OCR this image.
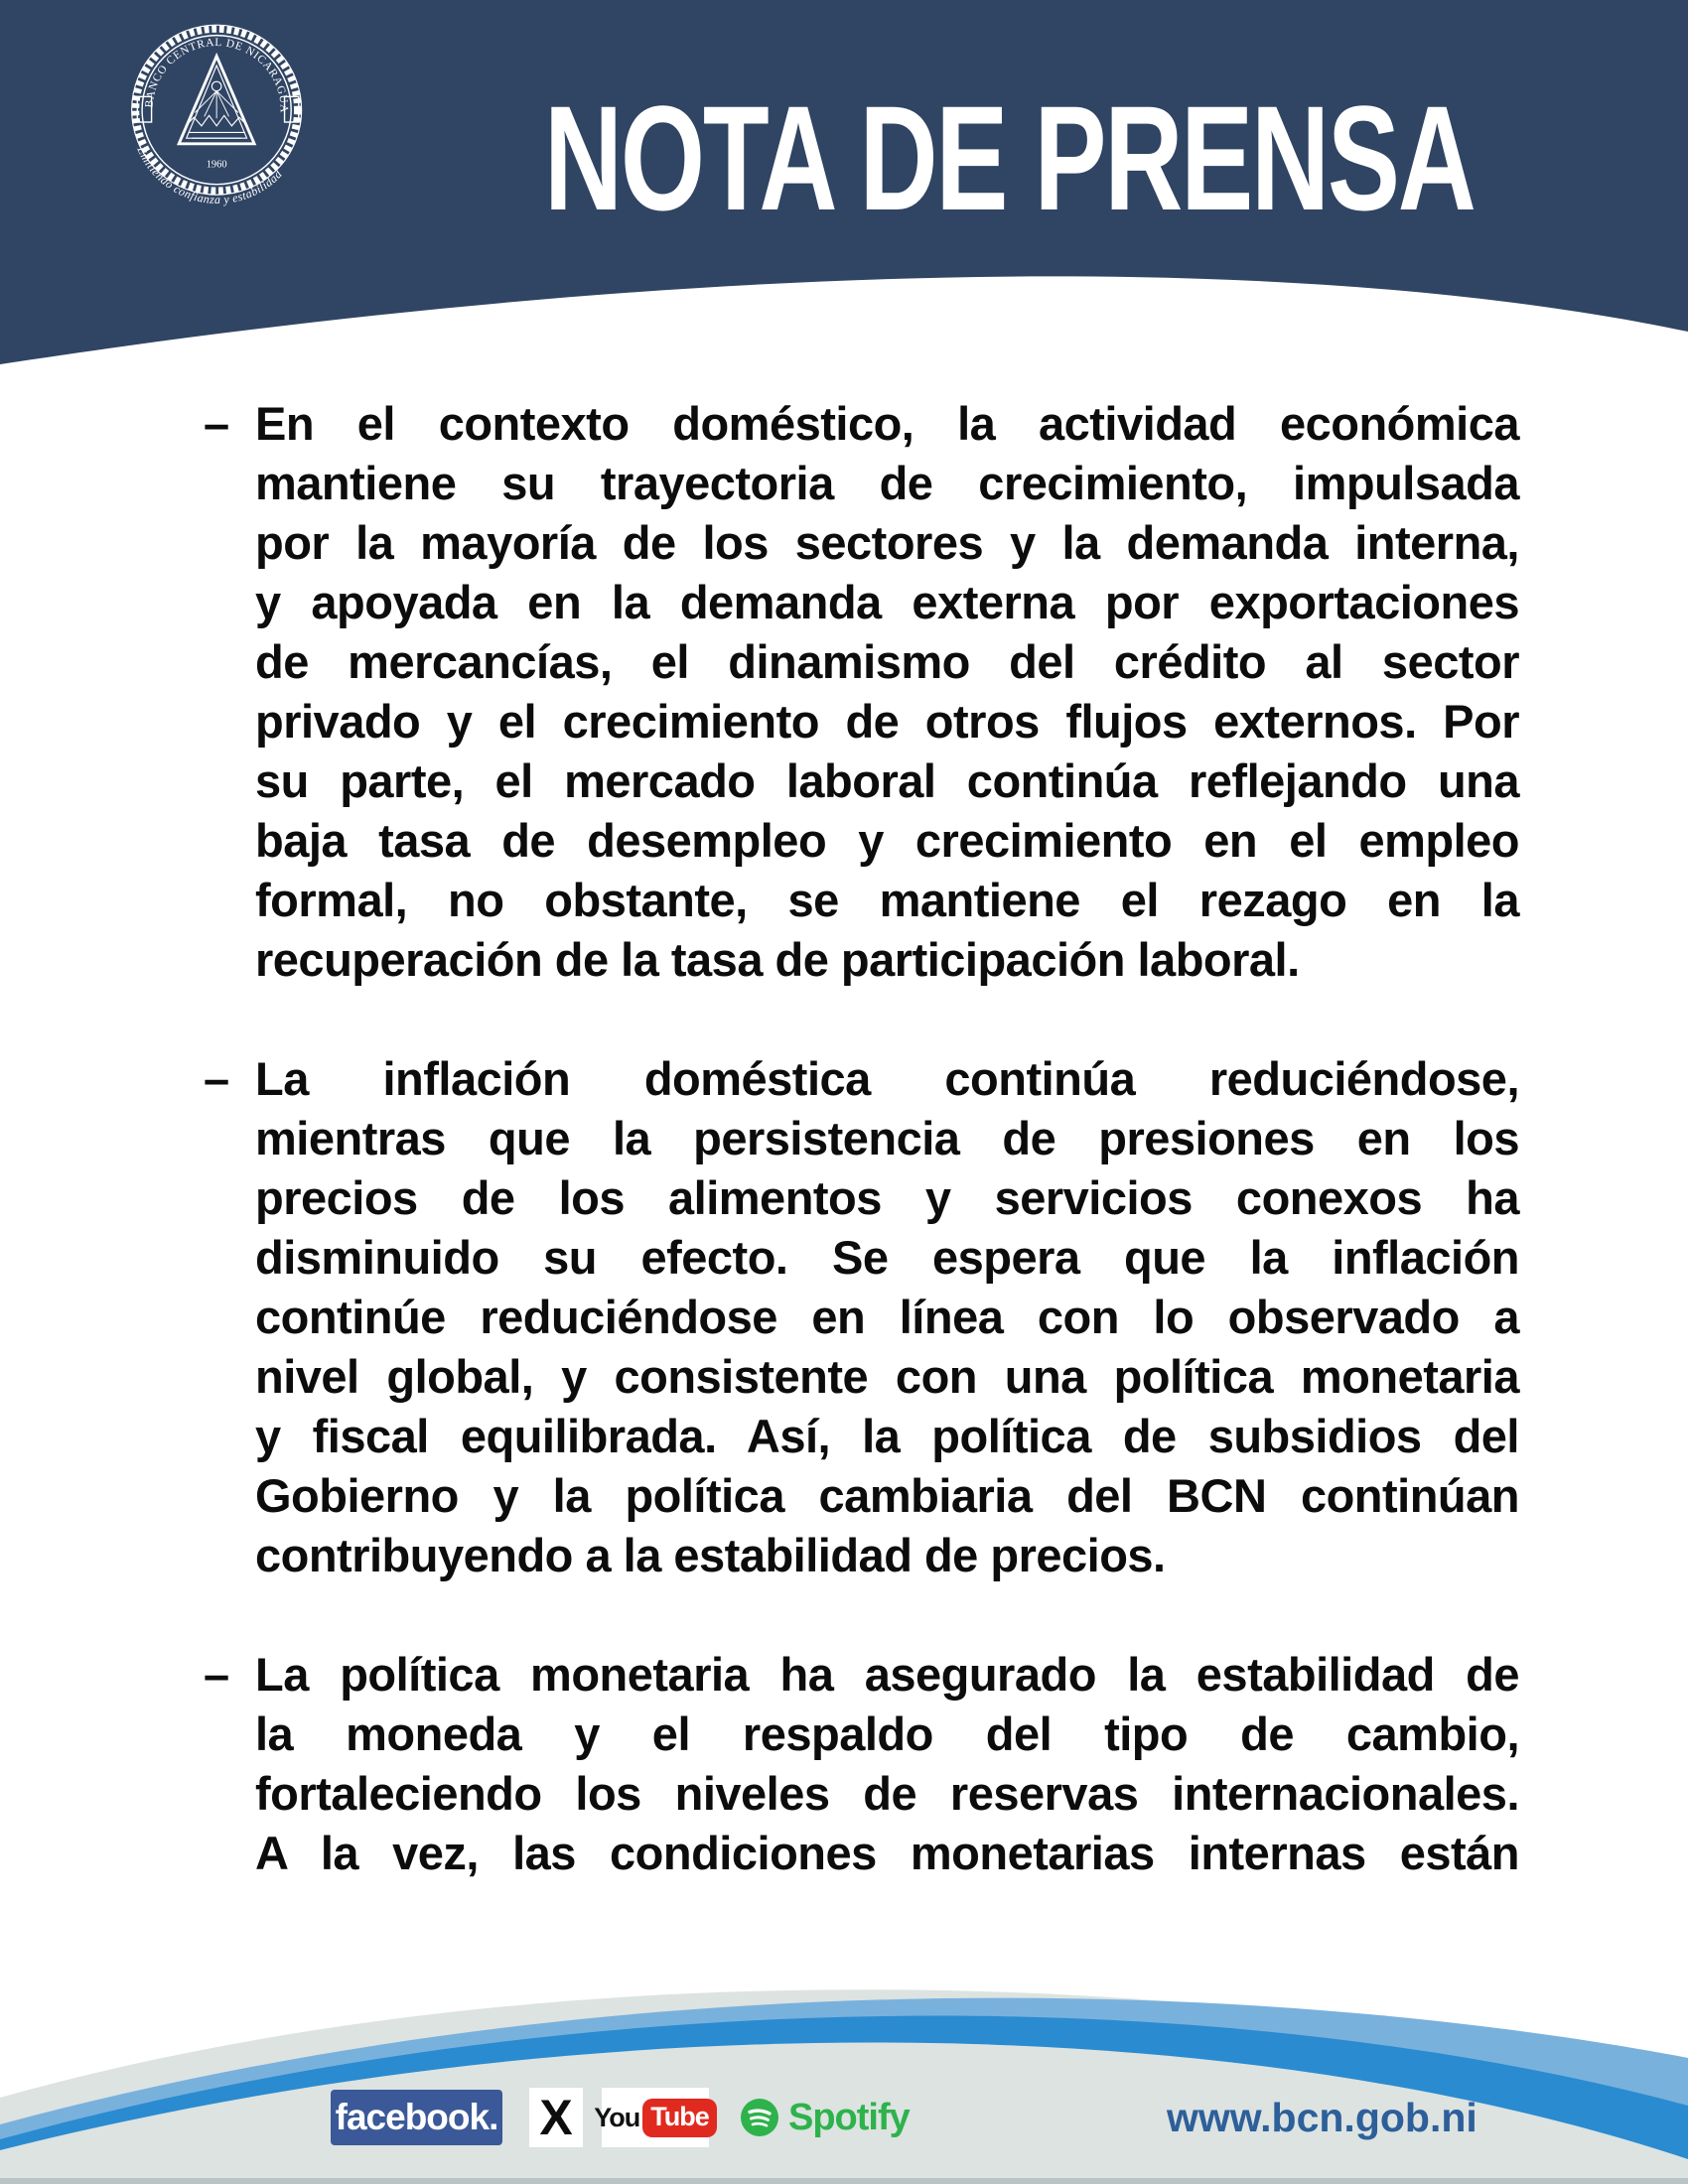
BANCO CENTRAL DE NICARAGUA
1960
Emitiendo confianza y estabilidad NOTA DE PRENSA
– En el contexto doméstico, la actividad económica
mantiene su trayectoria de crecimiento, impulsada
por la mayoría de los sectores y la demanda interna,
y apoyada en la demanda externa por exportaciones
de mercancías, el dinamismo del crédito al sector
privado y el crecimiento de otros flujos externos. Por
su parte, el mercado laboral continúa reflejando una
baja tasa de desempleo y crecimiento en el empleo
formal, no obstante, se mantiene el rezago en la
recuperación de la tasa de participación laboral.
– La inflación doméstica continúa reduciéndose,
mientras que la persistencia de presiones en los
precios de los alimentos y servicios conexos ha
disminuido su efecto. Se espera que la inflación
continúe reduciéndose en línea con lo observado a
nivel global, y consistente con una política monetaria
y fiscal equilibrada. Así, la política de subsidios del
Gobierno y la política cambiaria del BCN continúan
contribuyendo a la estabilidad de precios.
– La política monetaria ha asegurado la estabilidad de
la moneda y el respaldo del tipo de cambio,
fortaleciendo los niveles de reservas internacionales.
A la vez, las condiciones monetarias internas están
facebook. X You Tube Spotify	www.bcn.gob.ni
